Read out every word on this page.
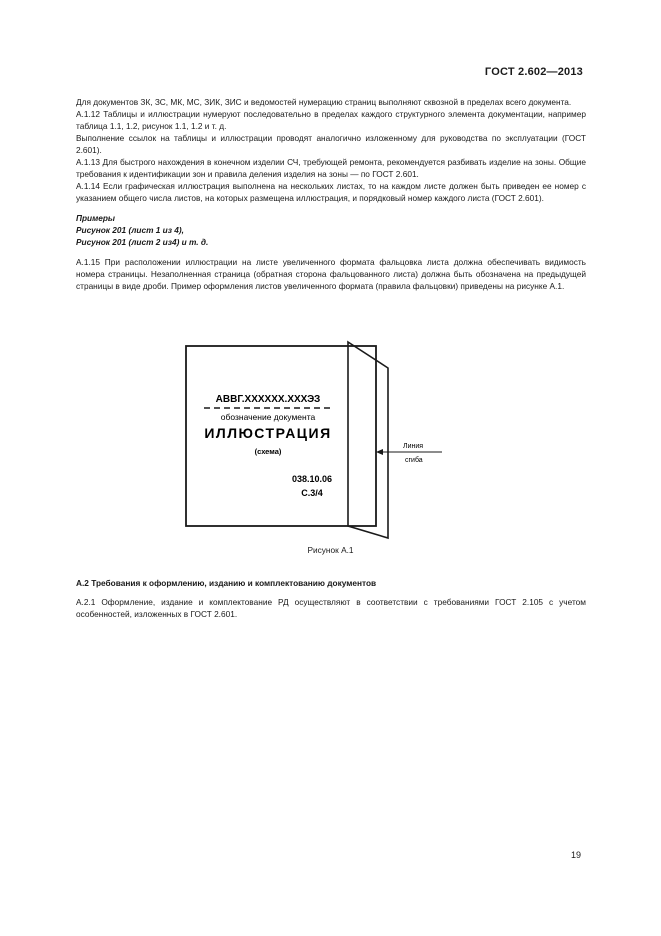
ГОСТ 2.602—2013

Для документов ЗК, ЗС, МК, МС, ЗИК, ЗИС и ведомостей нумерацию страниц выполняют сквозной в пределах всего документа.

А.1.12 Таблицы и иллюстрации нумеруют последовательно в пределах каждого структурного элемента документации, например таблица 1.1, 1.2, рисунок 1.1, 1.2 и т. д.

Выполнение ссылок на таблицы и иллюстрации проводят аналогично изложенному для руководства по эксплуатации (ГОСТ 2.601).

А.1.13 Для быстрого нахождения в конечном изделии СЧ, требующей ремонта, рекомендуется разбивать изделие на зоны. Общие требования к идентификации зон и правила деления изделия на зоны — по ГОСТ 2.601.

А.1.14 Если графическая иллюстрация выполнена на нескольких листах, то на каждом листе должен быть приведен ее номер с указанием общего числа листов, на которых размещена иллюстрация, и порядковый номер каждого листа (ГОСТ 2.601).

Примеры
Рисунок 201 (лист 1 из 4),
Рисунок 201 (лист 2 из4) и т. д.

А.1.15 При расположении иллюстрации на листе увеличенного формата фальцовка листа должна обеспечивать видимость номера страницы. Незаполненная страница (обратная сторона фальцованного листа) должна быть обозначена на предыдущей страницы в виде дроби. Пример оформления листов увеличенного формата (правила фальцовки) приведены на рисунке А.1.

АВВГ.ХХХХХХ.ХХХЭЗ
обозначение документа
ИЛЛЮСТРАЦИЯ
(схема)
038.10.06
С.3/4
Линия
сгиба
Рисунок А.1
А.2 Требования к оформлению, изданию и комплектованию документов
А.2.1 Оформление, издание и комплектование РД осуществляют в соответствии с требованиями ГОСТ 2.105 с учетом особенностей, изложенных в ГОСТ 2.601.
19
